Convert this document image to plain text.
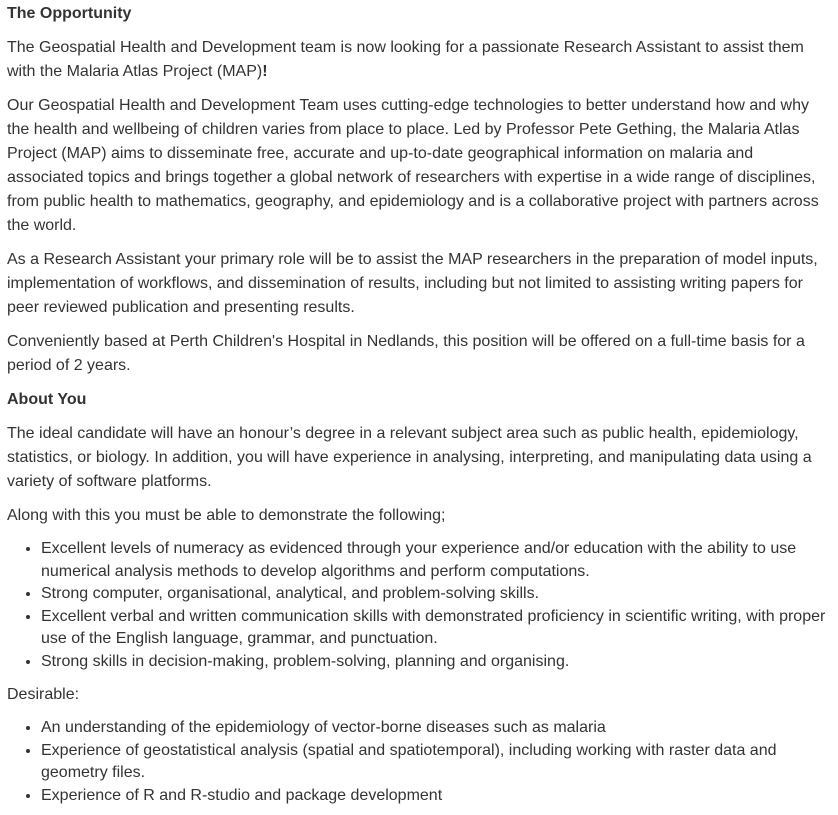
The Opportunity

The Geospatial Health and Development team is now looking for a passionate Research Assistant to assist them with the Malaria Atlas Project (MAP)!

Our Geospatial Health and Development Team uses cutting-edge technologies to better understand how and why the health and wellbeing of children varies from place to place. Led by Professor Pete Gething, the Malaria Atlas Project (MAP) aims to disseminate free, accurate and up-to-date geographical information on malaria and associated topics and brings together a global network of researchers with expertise in a wide range of disciplines, from public health to mathematics, geography, and epidemiology and is a collaborative project with partners across the world.

As a Research Assistant your primary role will be to assist the MAP researchers in the preparation of model inputs, implementation of workflows, and dissemination of results, including but not limited to assisting writing papers for peer reviewed publication and presenting results.

Conveniently based at Perth Children's Hospital in Nedlands, this position will be offered on a full-time basis for a period of 2 years.

About You

The ideal candidate will have an honour’s degree in a relevant subject area such as public health, epidemiology, statistics, or biology. In addition, you will have experience in analysing, interpreting, and manipulating data using a variety of software platforms.

Along with this you must be able to demonstrate the following;

• Excellent levels of numeracy as evidenced through your experience and/or education with the ability to use numerical analysis methods to develop algorithms and perform computations.
• Strong computer, organisational, analytical, and problem-solving skills.
• Excellent verbal and written communication skills with demonstrated proficiency in scientific writing, with proper use of the English language, grammar, and punctuation.
• Strong skills in decision-making, problem-solving, planning and organising.

Desirable:

• An understanding of the epidemiology of vector-borne diseases such as malaria
• Experience of geostatistical analysis (spatial and spatiotemporal), including working with raster data and geometry files.
• Experience of R and R-studio and package development
